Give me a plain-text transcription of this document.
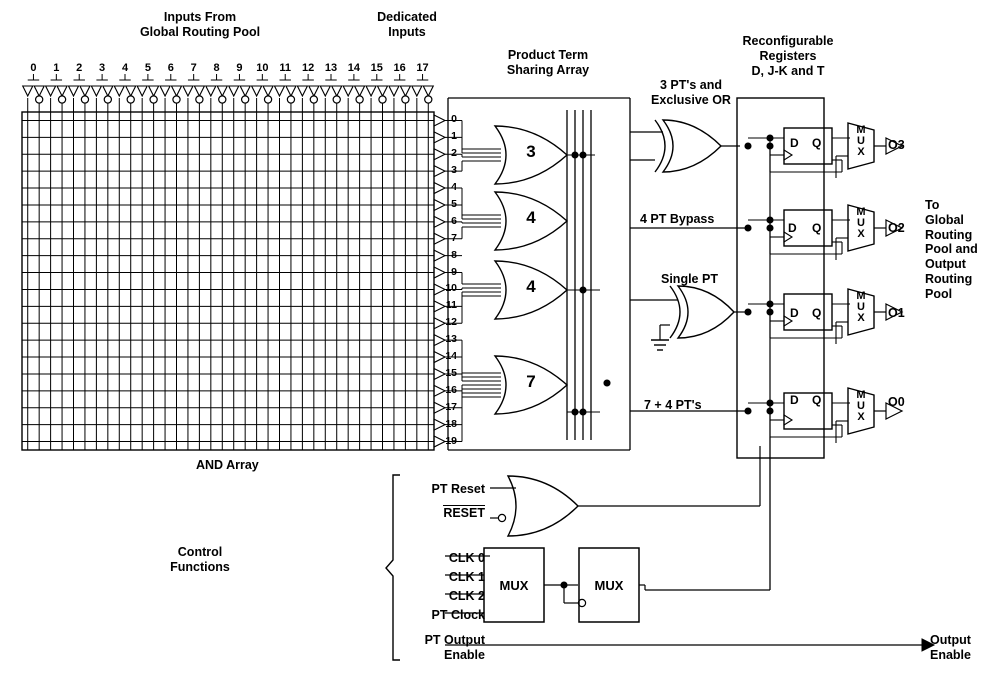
Inputs From
Global Routing Pool
Dedicated
Inputs
Product Term
Sharing Array
Reconfigurable
Registers
D, J-K and T
AND Array
Control
Functions
3 PT's and
Exclusive OR
4 PT Bypass
Single PT
7 + 4 PT's
3
4
4
7
O3
O2
O1
O0
To
Global
Routing
Pool and
Output
Routing
Pool
PT Reset
RESET
CLK 0
CLK 1
CLK 2
PT Clock
PT Output
Enable
Output
Enable
MUX	MUX
D Q
D Q
D Q
D Q
0	1	2	3	4	5	6	7	8	9	10 11 12 13 14 15 16 17
0
1
2
3
4
5
6
7
8
9
10
11
12
13
14
15
16
17
18
19
M
U
X
M
U
X
M
U
X
M
U
X
